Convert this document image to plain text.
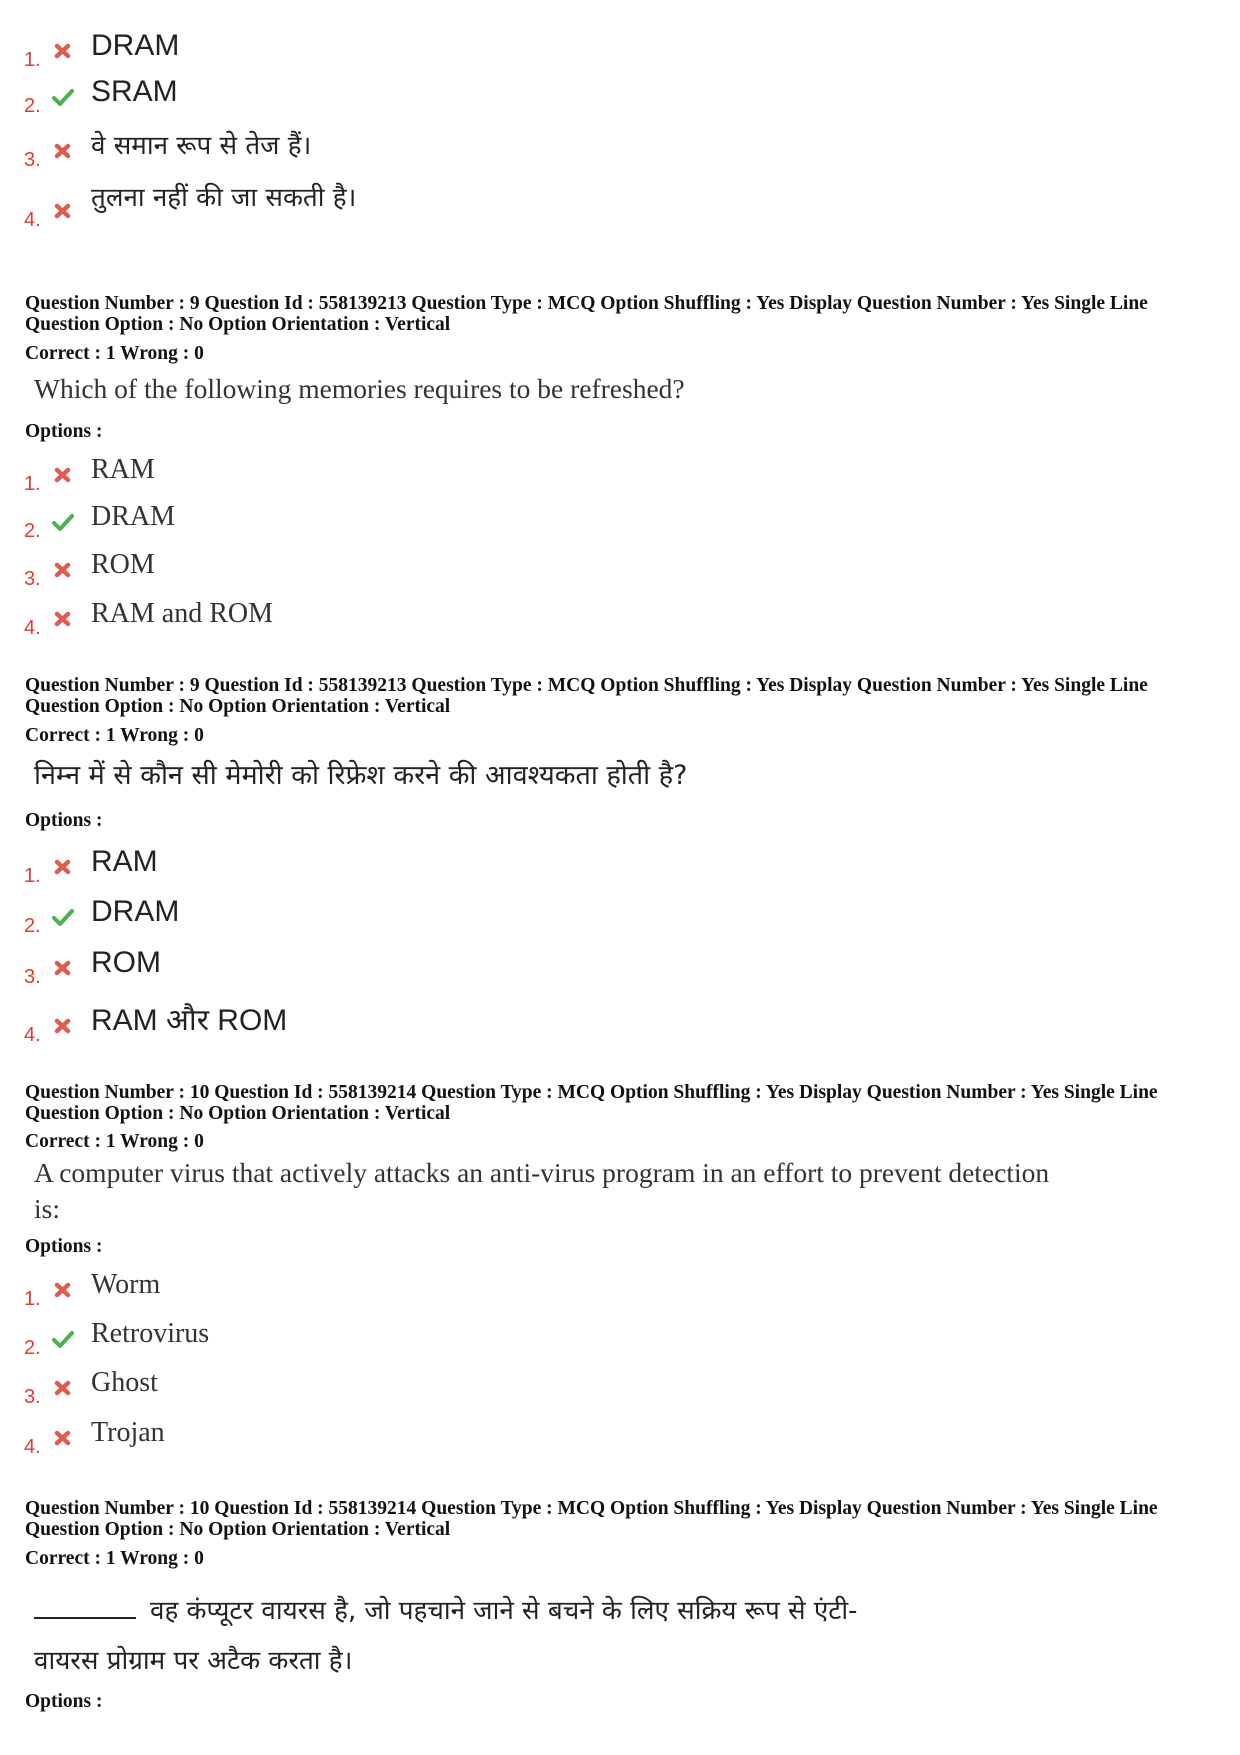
1. DRAM
2. SRAM
3. वे समान रूप से तेज हैं।
4.
तुलना नहीं की जा सकती है।
Question Number : 9 Question Id : 558139213 Question Type : MCQ Option Shuffling : Yes Display Question Number : Yes Single Line Question Option : No Option Orientation : Vertical
Correct : 1 Wrong : 0
Which of the following memories requires to be refreshed?
Options :
1. RAM
2. DRAM
3. ROM
4. RAM and ROM
Question Number : 9 Question Id : 558139213 Question Type : MCQ Option Shuffling : Yes Display Question Number : Yes Single Line Question Option : No Option Orientation : Vertical
Correct : 1 Wrong : 0
निम्न में से कौन सी मेमोरी को रिफ्रेश करने की आवश्यकता होती है?
Options :
1. RAM
2. DRAM
3. ROM
4. RAM और ROM
Question Number : 10 Question Id : 558139214 Question Type : MCQ Option Shuffling : Yes Display Question Number : Yes Single Line Question Option : No Option Orientation : Vertical
Correct : 1 Wrong : 0
A computer virus that actively attacks an anti-virus program in an effort to prevent detection is:
Options :
1. Worm
2. Retrovirus
3. Ghost
4. Trojan
Question Number : 10 Question Id : 558139214 Question Type : MCQ Option Shuffling : Yes Display Question Number : Yes Single Line Question Option : No Option Orientation : Vertical
Correct : 1 Wrong : 0
वह कंप्यूटर वायरस है, जो पहचाने जाने से बचने के लिए सक्रिय रूप से एंटी-
वायरस प्रोग्राम पर अटैक करता है।
Options :
